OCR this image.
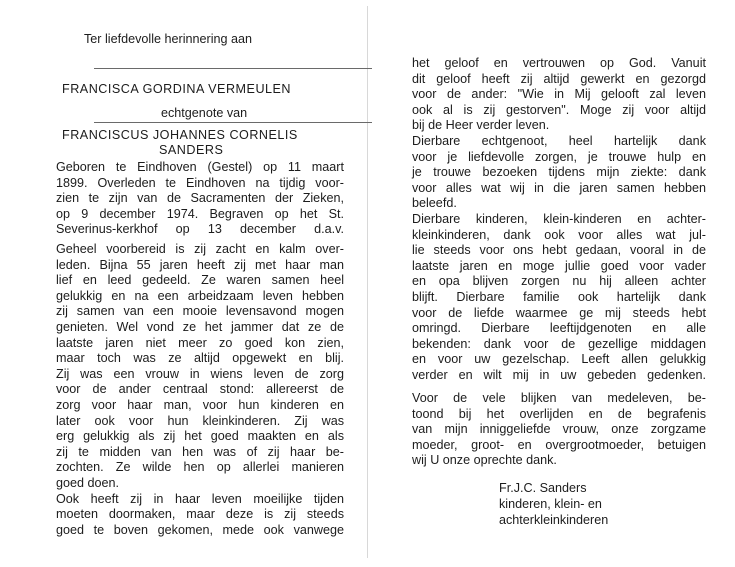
Ter liefdevolle herinnering aan
FRANCISCA GORDINA VERMEULEN
echtgenote van
FRANCISCUS JOHANNES CORNELIS
SANDERS
Geboren te Eindhoven (Gestel) op 11 maart
1899. Overleden te Eindhoven na tijdig voor-
zien te zijn van de Sacramenten der Zieken,
op 9 december 1974. Begraven op het St.
Severinus-kerkhof op 13 december d.a.v.
Geheel voorbereid is zij zacht en kalm over-
leden. Bijna 55 jaren heeft zij met haar man
lief en leed gedeeld. Ze waren samen heel
gelukkig en na een arbeidzaam leven hebben
zij samen van een mooie levensavond mogen
genieten. Wel vond ze het jammer dat ze de
laatste jaren niet meer zo goed kon zien,
maar toch was ze altijd opgewekt en blij.
Zij was een vrouw in wiens leven de zorg
voor de ander centraal stond: allereerst de
zorg voor haar man, voor hun kinderen en
later ook voor hun kleinkinderen. Zij was
erg gelukkig als zij het goed maakten en als
zij te midden van hen was of zij haar be-
zochten. Ze wilde hen op allerlei manieren
goed doen.
Ook heeft zij in haar leven moeilijke tijden
moeten doormaken, maar deze is zij steeds
goed te boven gekomen, mede ook vanwege
het geloof en vertrouwen op God. Vanuit
dit geloof heeft zij altijd gewerkt en gezorgd
voor de ander: "Wie in Mij gelooft zal leven
ook al is zij gestorven". Moge zij voor altijd
bij de Heer verder leven.
Dierbare echtgenoot, heel hartelijk dank
voor je liefdevolle zorgen, je trouwe hulp en
je trouwe bezoeken tijdens mijn ziekte: dank
voor alles wat wij in die jaren samen hebben
beleefd.
Dierbare kinderen, klein-kinderen en achter-
kleinkinderen, dank ook voor alles wat jul-
lie steeds voor ons hebt gedaan, vooral in de
laatste jaren en moge jullie goed voor vader
en opa blijven zorgen nu hij alleen achter
blijft. Dierbare familie ook hartelijk dank
voor de liefde waarmee ge mij steeds hebt
omringd. Dierbare leeftijdgenoten en alle
bekenden: dank voor de gezellige middagen
en voor uw gezelschap. Leeft allen gelukkig
verder en wilt mij in uw gebeden gedenken.
Voor de vele blijken van medeleven, be-
toond bij het overlijden en de begrafenis
van mijn inniggeliefde vrouw, onze zorgzame
moeder, groot- en overgrootmoeder, betuigen
wij U onze oprechte dank.
Fr.J.C. Sanders
kinderen, klein- en
achterkleinkinderen
